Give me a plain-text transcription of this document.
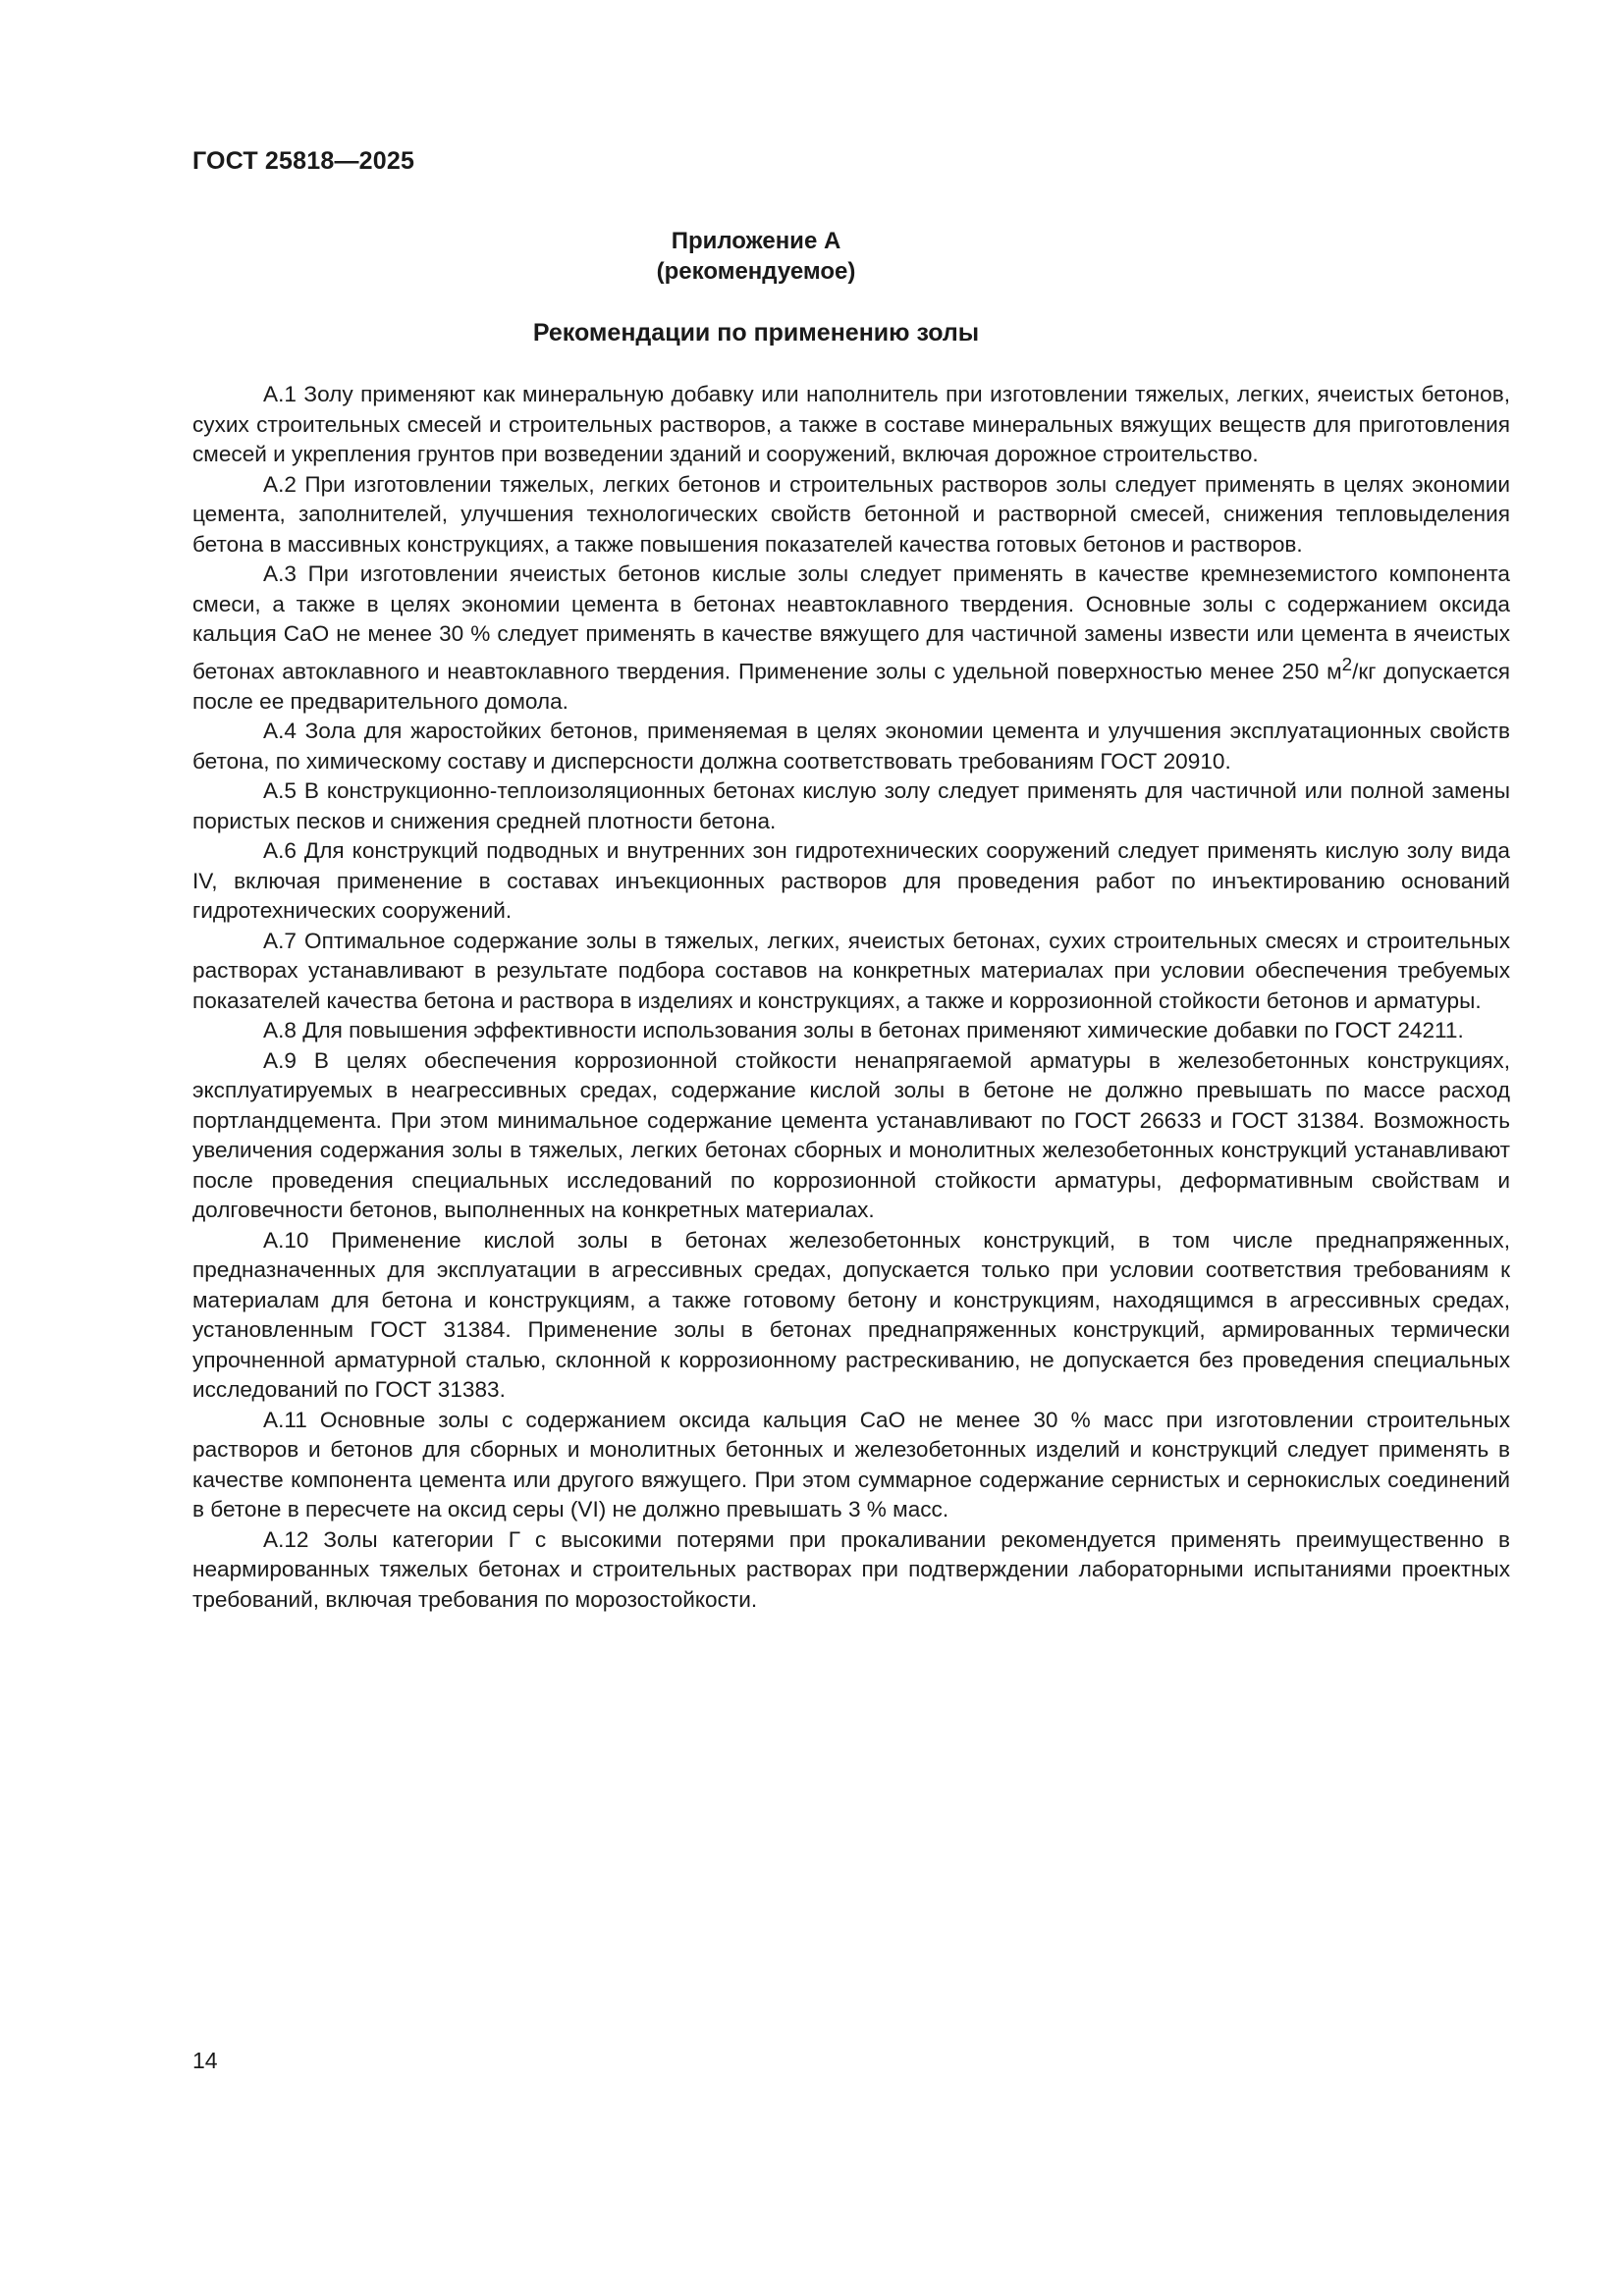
ГОСТ 25818—2025
Приложение А
(рекомендуемое)
Рекомендации по применению золы

А.1 Золу применяют как минеральную добавку или наполнитель при изготовлении тяжелых, легких, ячеистых бетонов, сухих строительных смесей и строительных растворов, а также в составе минеральных вяжущих веществ для приготовления смесей и укрепления грунтов при возведении зданий и сооружений, включая дорожное строительство.

А.2 При изготовлении тяжелых, легких бетонов и строительных растворов золы следует применять в целях экономии цемента, заполнителей, улучшения технологических свойств бетонной и растворной смесей, снижения тепловыделения бетона в массивных конструкциях, а также повышения показателей качества готовых бетонов и растворов.

А.3 При изготовлении ячеистых бетонов кислые золы следует применять в качестве кремнеземистого компонента смеси, а также в целях экономии цемента в бетонах неавтоклавного твердения. Основные золы с содержанием оксида кальция CaO не менее 30 % следует применять в качестве вяжущего для частичной замены извести или цемента в ячеистых бетонах автоклавного и неавтоклавного твердения. Применение золы с удельной поверхностью менее 250 $м^2/кг$ допускается после ее предварительного домола.

А.4 Зола для жаростойких бетонов, применяемая в целях экономии цемента и улучшения эксплуатационных свойств бетона, по химическому составу и дисперсности должна соответствовать требованиям ГОСТ 20910.

А.5 В конструкционно-теплоизоляционных бетонах кислую золу следует применять для частичной или полной замены пористых песков и снижения средней плотности бетона.

А.6 Для конструкций подводных и внутренних зон гидротехнических сооружений следует применять кислую золу вида IV, включая применение в составах инъекционных растворов для проведения работ по инъектированию оснований гидротехнических сооружений.

А.7 Оптимальное содержание золы в тяжелых, легких, ячеистых бетонах, сухих строительных смесях и строительных растворах устанавливают в результате подбора составов на конкретных материалах при условии обеспечения требуемых показателей качества бетона и раствора в изделиях и конструкциях, а также и коррозионной стойкости бетонов и арматуры.

А.8 Для повышения эффективности использования золы в бетонах применяют химические добавки по ГОСТ 24211.

А.9 В целях обеспечения коррозионной стойкости ненапрягаемой арматуры в железобетонных конструкциях, эксплуатируемых в неагрессивных средах, содержание кислой золы в бетоне не должно превышать по массе расход портландцемента. При этом минимальное содержание цемента устанавливают по ГОСТ 26633 и ГОСТ 31384. Возможность увеличения содержания золы в тяжелых, легких бетонах сборных и монолитных железобетонных конструкций устанавливают после проведения специальных исследований по коррозионной стойкости арматуры, деформативным свойствам и долговечности бетонов, выполненных на конкретных материалах.

А.10 Применение кислой золы в бетонах железобетонных конструкций, в том числе преднапряженных, предназначенных для эксплуатации в агрессивных средах, допускается только при условии соответствия требованиям к материалам для бетона и конструкциям, а также готовому бетону и конструкциям, находящимся в агрессивных средах, установленным ГОСТ 31384. Применение золы в бетонах преднапряженных конструкций, армированных термически упрочненной арматурной сталью, склонной к коррозионному растрескиванию, не допускается без проведения специальных исследований по ГОСТ 31383.

А.11 Основные золы с содержанием оксида кальция CaO не менее 30 % масс при изготовлении строительных растворов и бетонов для сборных и монолитных бетонных и железобетонных изделий и конструкций следует применять в качестве компонента цемента или другого вяжущего. При этом суммарное содержание сернистых и сернокислых соединений в бетоне в пересчете на оксид серы (VI) не должно превышать 3 % масс.

А.12 Золы категории Г с высокими потерями при прокаливании рекомендуется применять преимущественно в неармированных тяжелых бетонах и строительных растворах при подтверждении лабораторными испытаниями проектных требований, включая требования по морозостойкости.

14
